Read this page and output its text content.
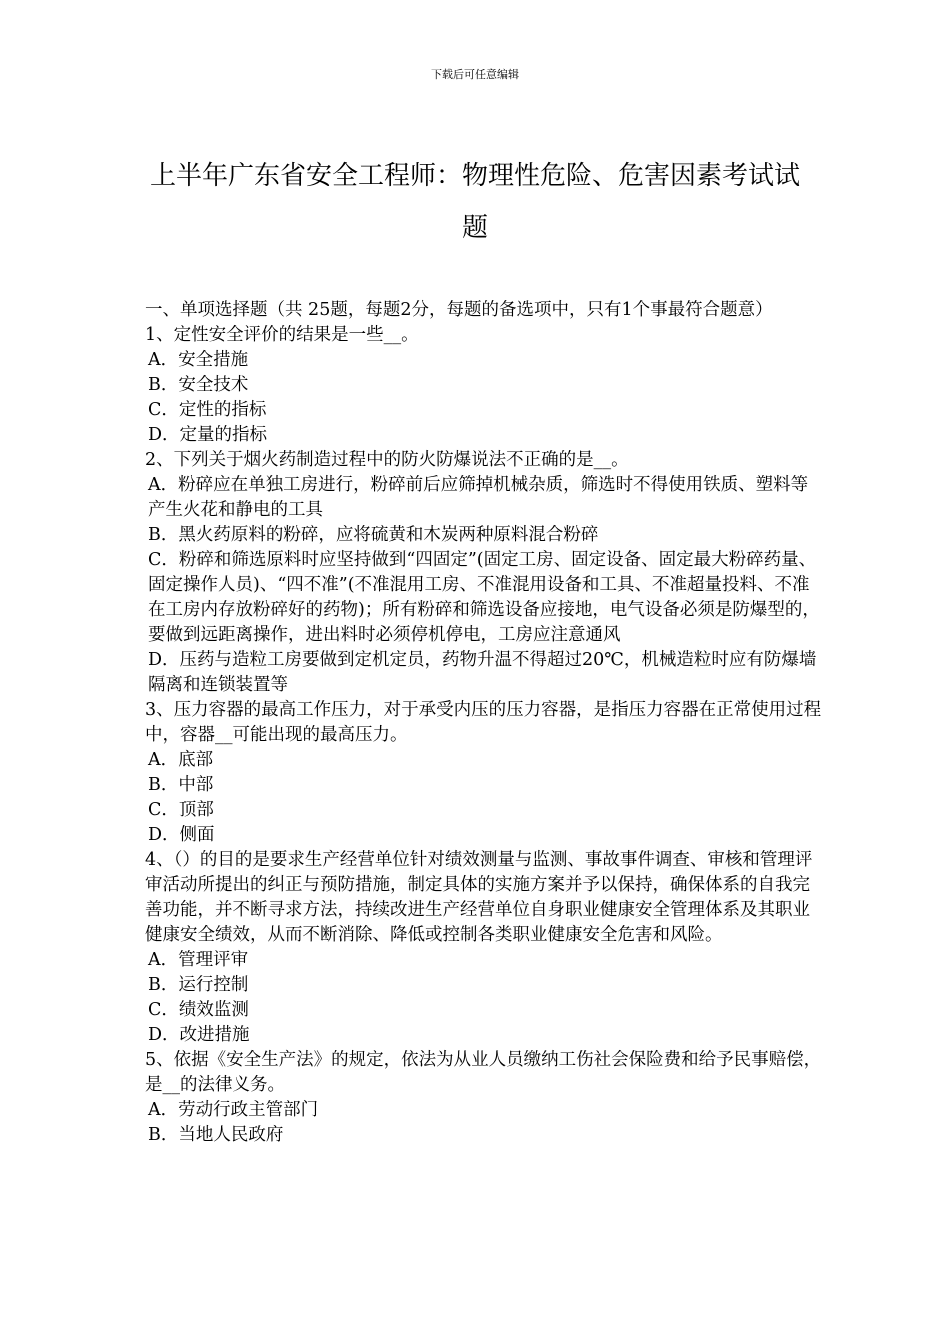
下载后可任意编辑
上半年广东省安全工程师：物理性危险、危害因素考试试题
一、单项选择题（共 25题，每题2分，每题的备选项中，只有1个事最符合题意）
1、定性安全评价的结果是一些__。
A．安全措施
B．安全技术
C．定性的指标
D．定量的指标
2、下列关于烟火药制造过程中的防火防爆说法不正确的是__。
A．粉碎应在单独工房进行，粉碎前后应筛掉机械杂质，筛选时不得使用铁质、塑料等产生火花和静电的工具
B．黑火药原料的粉碎，应将硫黄和木炭两种原料混合粉碎
C．粉碎和筛选原料时应坚持做到“四固定”(固定工房、固定设备、固定最大粉碎药量、固定操作人员)、“四不准”(不准混用工房、不准混用设备和工具、不准超量投料、不准在工房内存放粉碎好的药物)；所有粉碎和筛选设备应接地，电气设备必须是防爆型的，要做到远距离操作，进出料时必须停机停电，工房应注意通风
D．压药与造粒工房要做到定机定员，药物升温不得超过20℃，机械造粒时应有防爆墙隔离和连锁装置等
3、压力容器的最高工作压力，对于承受内压的压力容器，是指压力容器在正常使用过程中，容器__可能出现的最高压力。
A．底部
B．中部
C．顶部
D．侧面
4、（）的目的是要求生产经营单位针对绩效测量与监测、事故事件调查、审核和管理评审活动所提出的纠正与预防措施，制定具体的实施方案并予以保持，确保体系的自我完善功能，并不断寻求方法，持续改进生产经营单位自身职业健康安全管理体系及其职业健康安全绩效，从而不断消除、降低或控制各类职业健康安全危害和风险。
A．管理评审
B．运行控制
C．绩效监测
D．改进措施
5、依据《安全生产法》的规定，依法为从业人员缴纳工伤社会保险费和给予民事赔偿，是__的法律义务。
A．劳动行政主管部门
B．当地人民政府
